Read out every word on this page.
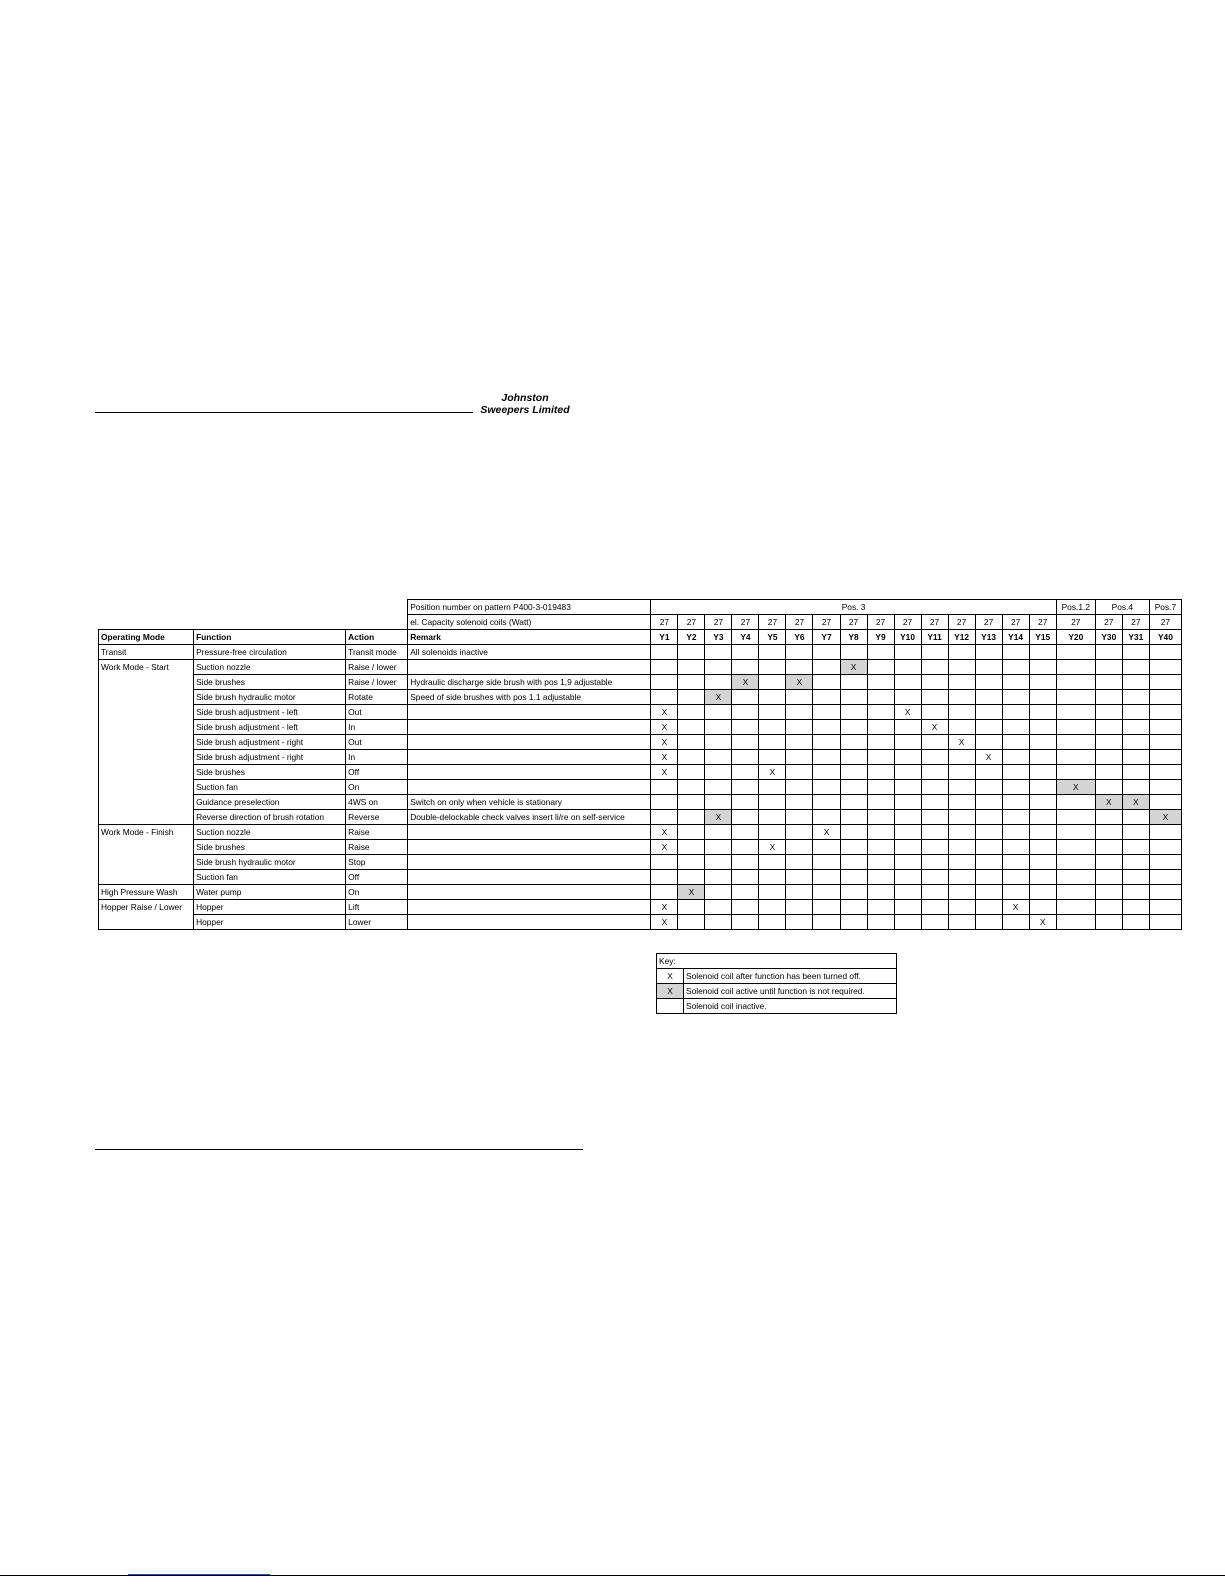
Johnston
Sweepers Limited
			Position number on pattern P400-3-019483	Pos. 3															Pos.1.2	Pos.4		Pos.7
			el. Capacity solenoid coils (Watt)	27	27	27	27	27	27	27	27	27	27	27	27	27	27	27	27	27	27	27
Operating Mode	Function	Action	Remark	Y1	Y2	Y3	Y4	Y5	Y6	Y7	Y8	Y9	Y10	Y11	Y12	Y13	Y14	Y15	Y20	Y30	Y31	Y40
Transit	Pressure-free circulation	Transit mode	All solenoids inactive																			
Work Mode - Start	Suction nozzle	Raise / lower									X											
	Side brushes	Raise / lower	Hydraulic discharge side brush with pos 1,9 adjustable				X		X													
	Side brush hydraulic motor	Rotate	Speed of side brushes with pos 1.1 adjustable			X																
	Side brush adjustment - left	Out		X									X									
	Side brush adjustment - left	In		X										X								
	Side brush adjustment - right	Out		X											X							
	Side brush adjustment - right	In		X												X						
	Side brushes	Off		X				X														
	Suction fan	On																	X			
	Guidance preselection	4WS on	Switch on only when vehicle is stationary																	X	X	
	Reverse direction of brush rotation	Reverse	Double-delockable check valves insert li/re on self-service			X																X
Work Mode - Finish	Suction nozzle	Raise		X						X												
	Side brushes	Raise		X				X														
	Side brush hydraulic motor	Stop																				
	Suction fan	Off																				
High Pressure Wash	Water pump	On			X																	
Hopper Raise / Lower	Hopper	Lift		X													X					
	Hopper	Lower		X														X				
Key:	
X	Solenoid coil after function has been turned off.
X	Solenoid coil active until function is not required.
	Solenoid coil inactive.
